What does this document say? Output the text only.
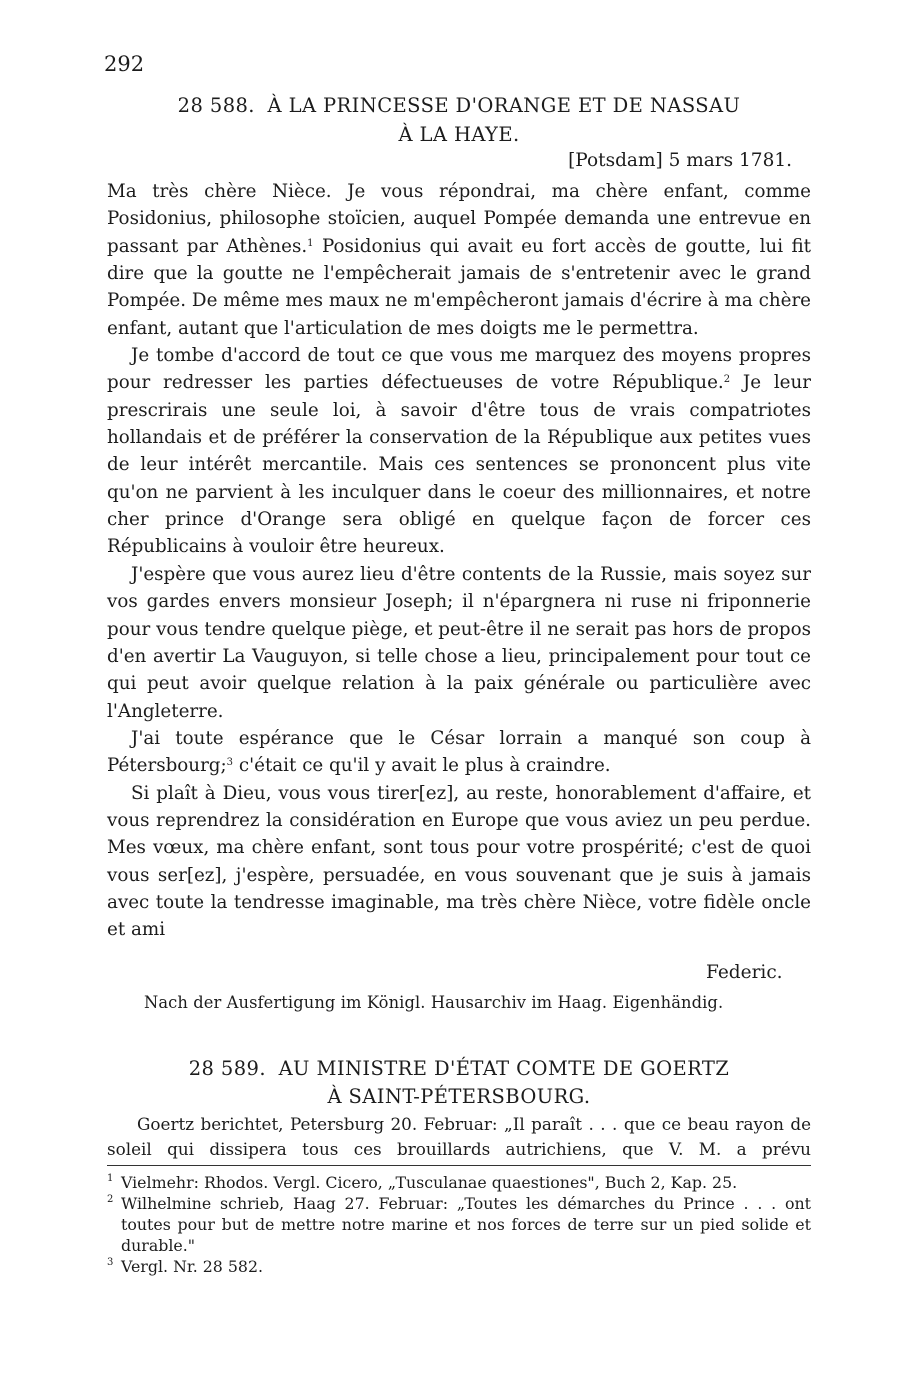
292
28 588. À LA PRINCESSE D'ORANGE ET DE NASSAU
À LA HAYE.
[Potsdam] 5 mars 1781.

Ma très chère Nièce. Je vous répondrai, ma chère enfant, comme Posidonius, philosophe stoïcien, auquel Pompée demanda une entrevue en passant par Athènes.$^1$ Posidonius qui avait eu fort accès de goutte, lui fit dire que la goutte ne l'empêcherait jamais de s'entretenir avec le grand Pompée. De même mes maux ne m'empêcheront jamais d'écrire à ma chère enfant, autant que l'articulation de mes doigts me le permettra.

Je tombe d'accord de tout ce que vous me marquez des moyens propres pour redresser les parties défectueuses de votre République.$^2$ Je leur prescrirais une seule loi, à savoir d'être tous de vrais compatriotes hollandais et de préférer la conservation de la République aux petites vues de leur intérêt mercantile. Mais ces sentences se prononcent plus vite qu'on ne parvient à les inculquer dans le coeur des millionnaires, et notre cher prince d'Orange sera obligé en quelque façon de forcer ces Républicains à vouloir être heureux.

J'espère que vous aurez lieu d'être contents de la Russie, mais soyez sur vos gardes envers monsieur Joseph; il n'épargnera ni ruse ni friponnerie pour vous tendre quelque piège, et peut-être il ne serait pas hors de propos d'en avertir La Vauguyon, si telle chose a lieu, principalement pour tout ce qui peut avoir quelque relation à la paix générale ou particulière avec l'Angleterre.

J'ai toute espérance que le César lorrain a manqué son coup à Pétersbourg;$^3$ c'était ce qu'il y avait le plus à craindre.

Si plaît à Dieu, vous vous tirer[ez], au reste, honorablement d'affaire, et vous reprendrez la considération en Europe que vous aviez un peu perdue. Mes vœux, ma chère enfant, sont tous pour votre prospérité; c'est de quoi vous ser[ez], j'espère, persuadée, en vous souvenant que je suis à jamais avec toute la tendresse imaginable, ma très chère Nièce, votre fidèle oncle et ami

Federic.
Nach der Ausfertigung im Königl. Hausarchiv im Haag. Eigenhändig.
28 589. AU MINISTRE D'ÉTAT COMTE DE GOERTZ
À SAINT-PÉTERSBOURG.

Goertz berichtet, Petersburg 20. Februar: „Il paraît . . . que ce beau rayon de soleil qui dissipera tous ces brouillards autrichiens, que V. M. a prévu

1 Vielmehr: Rhodos. Vergl. Cicero, „Tusculanae quaestiones", Buch 2, Kap. 25.
2 Wilhelmine schrieb, Haag 27. Februar: „Toutes les démarches du Prince . . . ont toutes pour but de mettre notre marine et nos forces de terre sur un pied solide et durable."
3 Vergl. Nr. 28 582.
